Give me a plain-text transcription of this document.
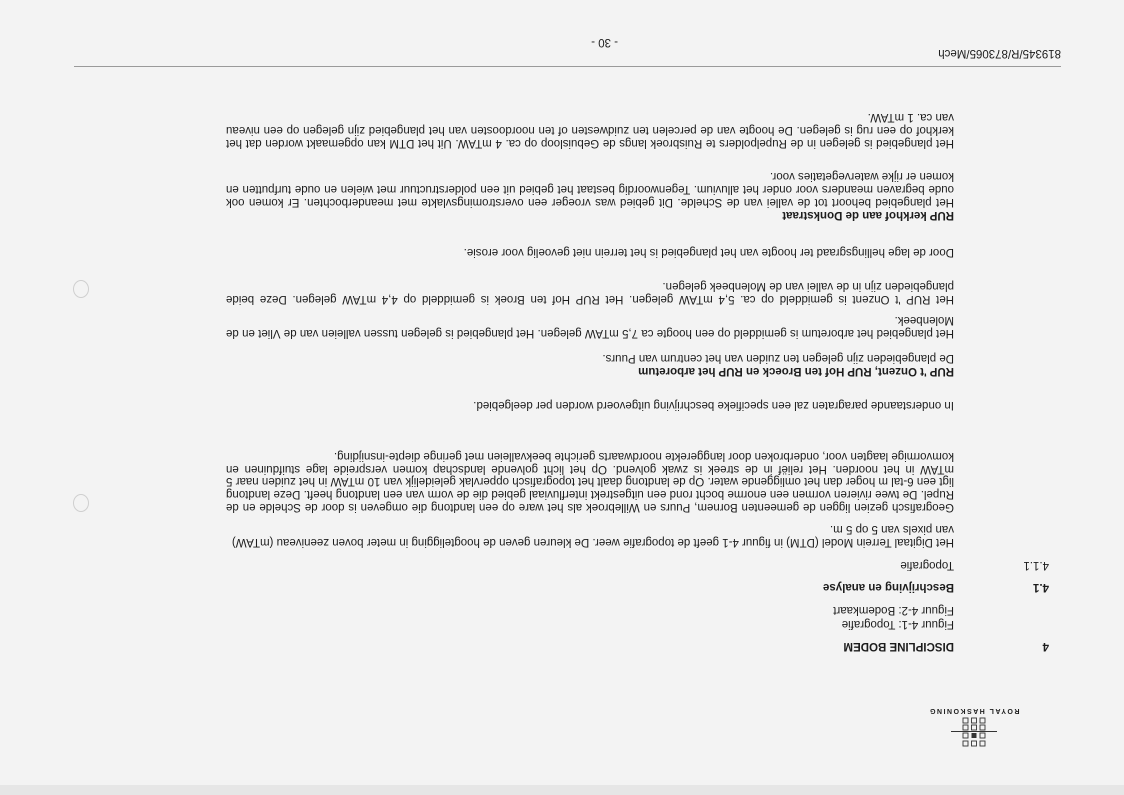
ROYAL HASKONING
4
DISCIPLINE BODEM
Figuur 4-1: Topografie
Figuur 4-2: Bodemkaart
4.1
Beschrijving en analyse
4.1.1
Topografie

Het Digitaal Terrein Model (DTM) in figuur 4-1 geeft de topografie weer. De kleuren geven de hoogteligging in meter boven zeeniveau (mTAW) van pixels van 5 op 5 m.

Geografisch gezien liggen de gemeenten Bornem, Puurs en Willebroek als het ware op een landtong die omgeven is door de Schelde en de Rupel. De twee rivieren vormen een enorme bocht rond een uitgestrekt interfluviaal gebied die de vorm van een landtong heeft. Deze landtong ligt een 6-tal m hoger dan het omliggende water. Op de landtong daalt het topografisch oppervlak geleidelijk van 10 mTAW in het zuiden naar 5 mTAW in het noorden. Het reliëf in de streek is zwak golvend. Op het licht golvende landschap komen verspreide lage stuifduinen en komvormige laagten voor, onderbroken door langgerekte noordwaarts gerichte beekvalleien met geringe diepte-insnijding.

In onderstaande paragraten zal een specifieke beschrijving uitgevoerd worden per deelgebied.

RUP 't Onzent, RUP Hof ten Broeck en RUP het arboretum

De plangebieden zijn gelegen ten zuiden van het centrum van Puurs.

Het plangebied het arboretum is gemiddeld op een hoogte ca 7,5 mTAW gelegen. Het plangebied is gelegen tussen valleien van de Vliet en de Molenbeek.

Het RUP 't Onzent is gemiddeld op ca. 5,4 mTAW gelegen. Het RUP Hof ten Broek is gemiddeld op 4,4 mTAW gelegen. Deze beide plangebieden zijn in de vallei van de Molenbeek gelegen.

Door de lage hellingsgraad ter hoogte van het plangebied is het terrein niet gevoelig voor erosie.

RUP kerkhof aan de Donkstraat

Het plangebied behoort tot de vallei van de Schelde. Dit gebied was vroeger een overstromingsvlakte met meanderbochten. Er komen ook oude begraven meanders voor onder het alluvium. Tegenwoordig bestaat het gebied uit een polderstructuur met wielen en oude turfputten en komen er rijke watervegetaties voor.

Het plangebied is gelegen in de Rupelpolders te Ruisbroek langs de Gebuisloop op ca. 4 mTAW. Uit het DTM kan opgemaakt worden dat het kerkhof op een rug is gelegen. De hoogte van de percelen ten zuidwesten of ten noordoosten van het plangebied zijn gelegen op een niveau van ca. 1 mTAW.

819345/R/873065/Mech
- 30 -
